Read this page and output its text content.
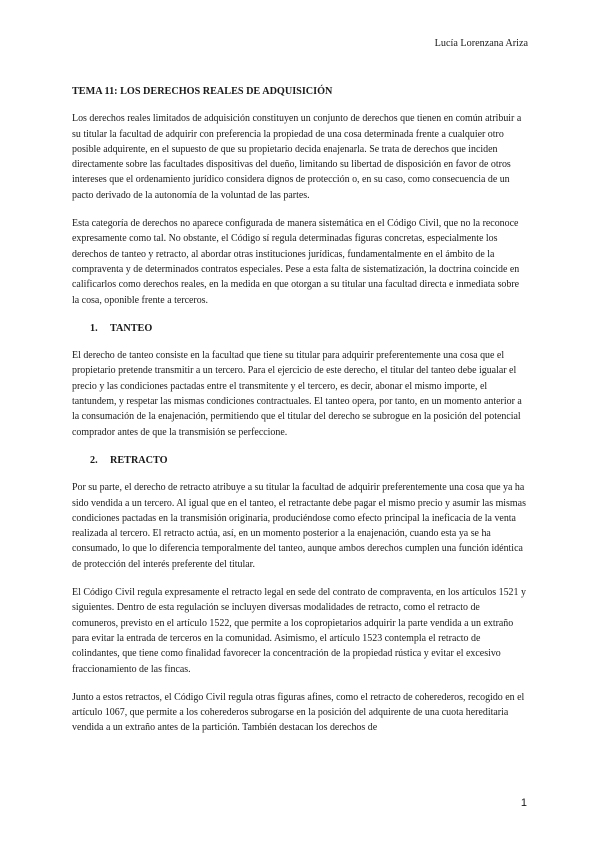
Lucía Lorenzana Ariza
TEMA 11: LOS DERECHOS REALES DE ADQUISICIÓN

Los derechos reales limitados de adquisición constituyen un conjunto de derechos que tienen en común atribuir a su titular la facultad de adquirir con preferencia la propiedad de una cosa determinada frente a cualquier otro posible adquirente, en el supuesto de que su propietario decida enajenarla. Se trata de derechos que inciden directamente sobre las facultades dispositivas del dueño, limitando su libertad de disposición en favor de otros intereses que el ordenamiento jurídico considera dignos de protección o, en su caso, como consecuencia de un pacto derivado de la autonomía de la voluntad de las partes.

Esta categoría de derechos no aparece configurada de manera sistemática en el Código Civil, que no la reconoce expresamente como tal. No obstante, el Código sí regula determinadas figuras concretas, especialmente los derechos de tanteo y retracto, al abordar otras instituciones jurídicas, fundamentalmente en el ámbito de la compraventa y de determinados contratos especiales. Pese a esta falta de sistematización, la doctrina coincide en calificarlos como derechos reales, en la medida en que otorgan a su titular una facultad directa e inmediata sobre la cosa, oponible frente a terceros.

1.	TANTEO

El derecho de tanteo consiste en la facultad que tiene su titular para adquirir preferentemente una cosa que el propietario pretende transmitir a un tercero. Para el ejercicio de este derecho, el titular del tanteo debe igualar el precio y las condiciones pactadas entre el transmitente y el tercero, es decir, abonar el mismo importe, el tantundem, y respetar las mismas condiciones contractuales. El tanteo opera, por tanto, en un momento anterior a la consumación de la enajenación, permitiendo que el titular del derecho se subrogue en la posición del potencial comprador antes de que la transmisión se perfeccione.

2.	RETRACTO

Por su parte, el derecho de retracto atribuye a su titular la facultad de adquirir preferentemente una cosa que ya ha sido vendida a un tercero. Al igual que en el tanteo, el retractante debe pagar el mismo precio y asumir las mismas condiciones pactadas en la transmisión originaria, produciéndose como efecto principal la ineficacia de la venta realizada al tercero. El retracto actúa, así, en un momento posterior a la enajenación, cuando esta ya se ha consumado, lo que lo diferencia temporalmente del tanteo, aunque ambos derechos cumplen una función idéntica de protección del interés preferente del titular.

El Código Civil regula expresamente el retracto legal en sede del contrato de compraventa, en los artículos 1521 y siguientes. Dentro de esta regulación se incluyen diversas modalidades de retracto, como el retracto de comuneros, previsto en el artículo 1522, que permite a los copropietarios adquirir la parte vendida a un extraño para evitar la entrada de terceros en la comunidad. Asimismo, el artículo 1523 contempla el retracto de colindantes, que tiene como finalidad favorecer la concentración de la propiedad rústica y evitar el excesivo fraccionamiento de las fincas.

Junto a estos retractos, el Código Civil regula otras figuras afines, como el retracto de coherederos, recogido en el artículo 1067, que permite a los coherederos subrogarse en la posición del adquirente de una cuota hereditaria vendida a un extraño antes de la partición. También destacan los derechos de

1
